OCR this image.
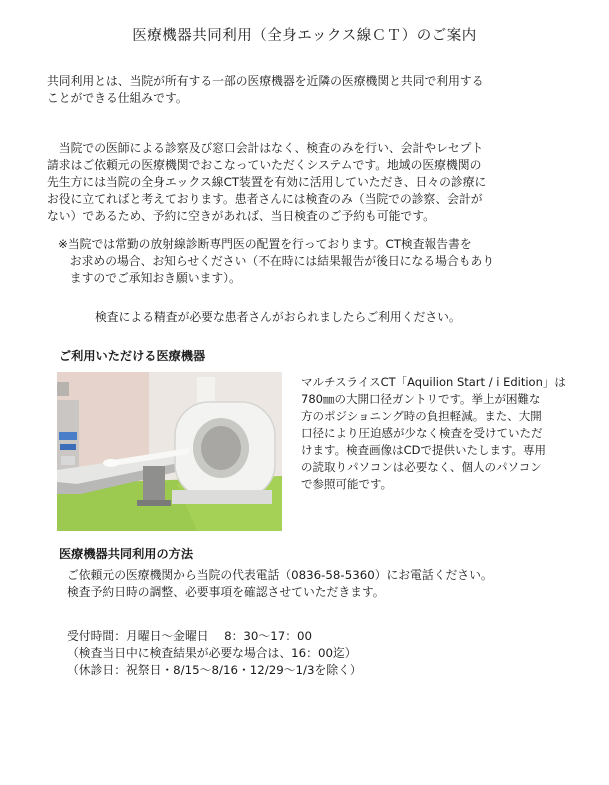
医療機器共同利用（全身エックス線ＣＴ）のご案内
共同利用とは、当院が所有する一部の医療機器を近隣の医療機関と共同で利用する
ことができる仕組みです。
　当院での医師による診察及び窓口会計はなく、検査のみを行い、会計やレセプト
請求はご依頼元の医療機関でおこなっていただくシステムです。地域の医療機関の
先生方には当院の全身エックス線CT装置を有効に活用していただき、日々の診療に
お役に立てればと考えております。患者さんには検査のみ（当院での診察、会計が
ない）であるため、予約に空きがあれば、当日検査のご予約も可能です。
※当院では常勤の放射線診断専門医の配置を行っております。CT検査報告書を
　お求めの場合、お知らせください（不在時には結果報告が後日になる場合もあり
　ますのでご承知おき願います）。
検査による精査が必要な患者さんがおられましたらご利用ください。
ご利用いただける医療機器
マルチスライスCT「Aquilion Start / i Edition」は
780㎜の大開口径ガントリです。挙上が困難な
方のポジショニング時の負担軽減。また、大開
口径により圧迫感が少なく検査を受けていただ
けます。検査画像はCDで提供いたします。専用
の読取りパソコンは必要なく、個人のパソコン
で参照可能です。
医療機器共同利用の方法
ご依頼元の医療機関から当院の代表電話（0836-58-5360）にお電話ください。
検査予約日時の調整、必要事項を確認させていただきます。
受付時間：月曜日～金曜日　 8：30～17：00
（検査当日中に検査結果が必要な場合は、16：00迄）
（休診日：祝祭日・8/15～8/16・12/29～1/3を除く）
